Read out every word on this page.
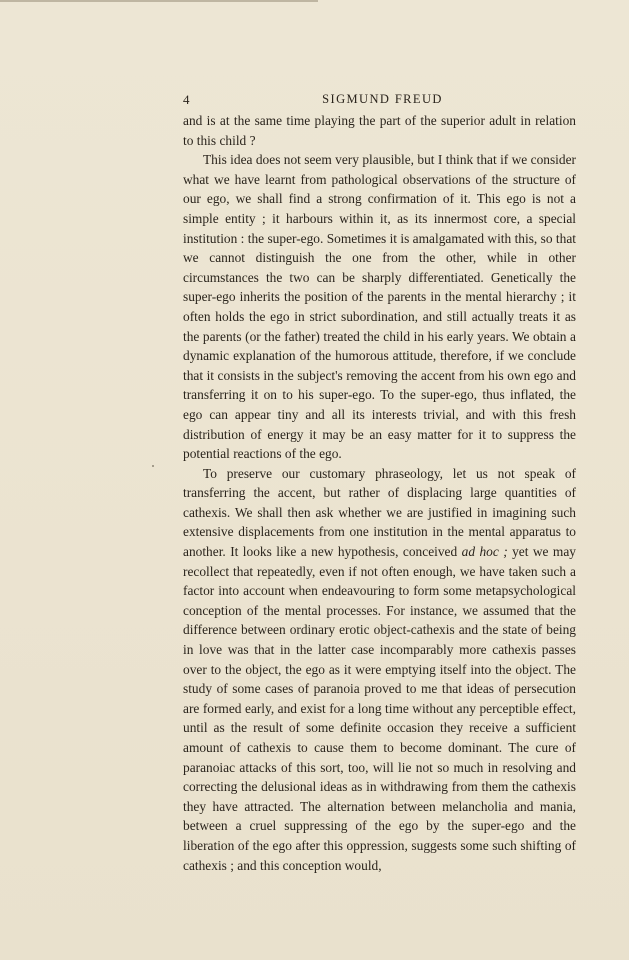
4	SIGMUND FREUD

and is at the same time playing the part of the superior adult in relation to this child ?

This idea does not seem very plausible, but I think that if we consider what we have learnt from pathological observations of the structure of our ego, we shall find a strong confirmation of it. This ego is not a simple entity ; it harbours within it, as its innermost core, a special institution : the super-ego. Sometimes it is amalgamated with this, so that we cannot distinguish the one from the other, while in other circumstances the two can be sharply differentiated. Genetically the super-ego inherits the position of the parents in the mental hierarchy ; it often holds the ego in strict subordination, and still actually treats it as the parents (or the father) treated the child in his early years. We obtain a dynamic explanation of the humorous attitude, therefore, if we conclude that it consists in the subject's removing the accent from his own ego and transferring it on to his super-ego. To the super-ego, thus inflated, the ego can appear tiny and all its interests trivial, and with this fresh distribution of energy it may be an easy matter for it to suppress the potential reactions of the ego.

To preserve our customary phraseology, let us not speak of transferring the accent, but rather of displacing large quantities of cathexis. We shall then ask whether we are justified in imagining such extensive displacements from one institution in the mental apparatus to another. It looks like a new hypothesis, conceived ad hoc ; yet we may recollect that repeatedly, even if not often enough, we have taken such a factor into account when endeavouring to form some metapsychological conception of the mental processes. For instance, we assumed that the difference between ordinary erotic object-cathexis and the state of being in love was that in the latter case incomparably more cathexis passes over to the object, the ego as it were emptying itself into the object. The study of some cases of paranoia proved to me that ideas of persecution are formed early, and exist for a long time without any perceptible effect, until as the result of some definite occasion they receive a sufficient amount of cathexis to cause them to become dominant. The cure of paranoiac attacks of this sort, too, will lie not so much in resolving and correcting the delusional ideas as in withdrawing from them the cathexis they have attracted. The alternation between melancholia and mania, between a cruel suppressing of the ego by the super-ego and the liberation of the ego after this oppression, suggests some such shifting of cathexis ; and this conception would,
